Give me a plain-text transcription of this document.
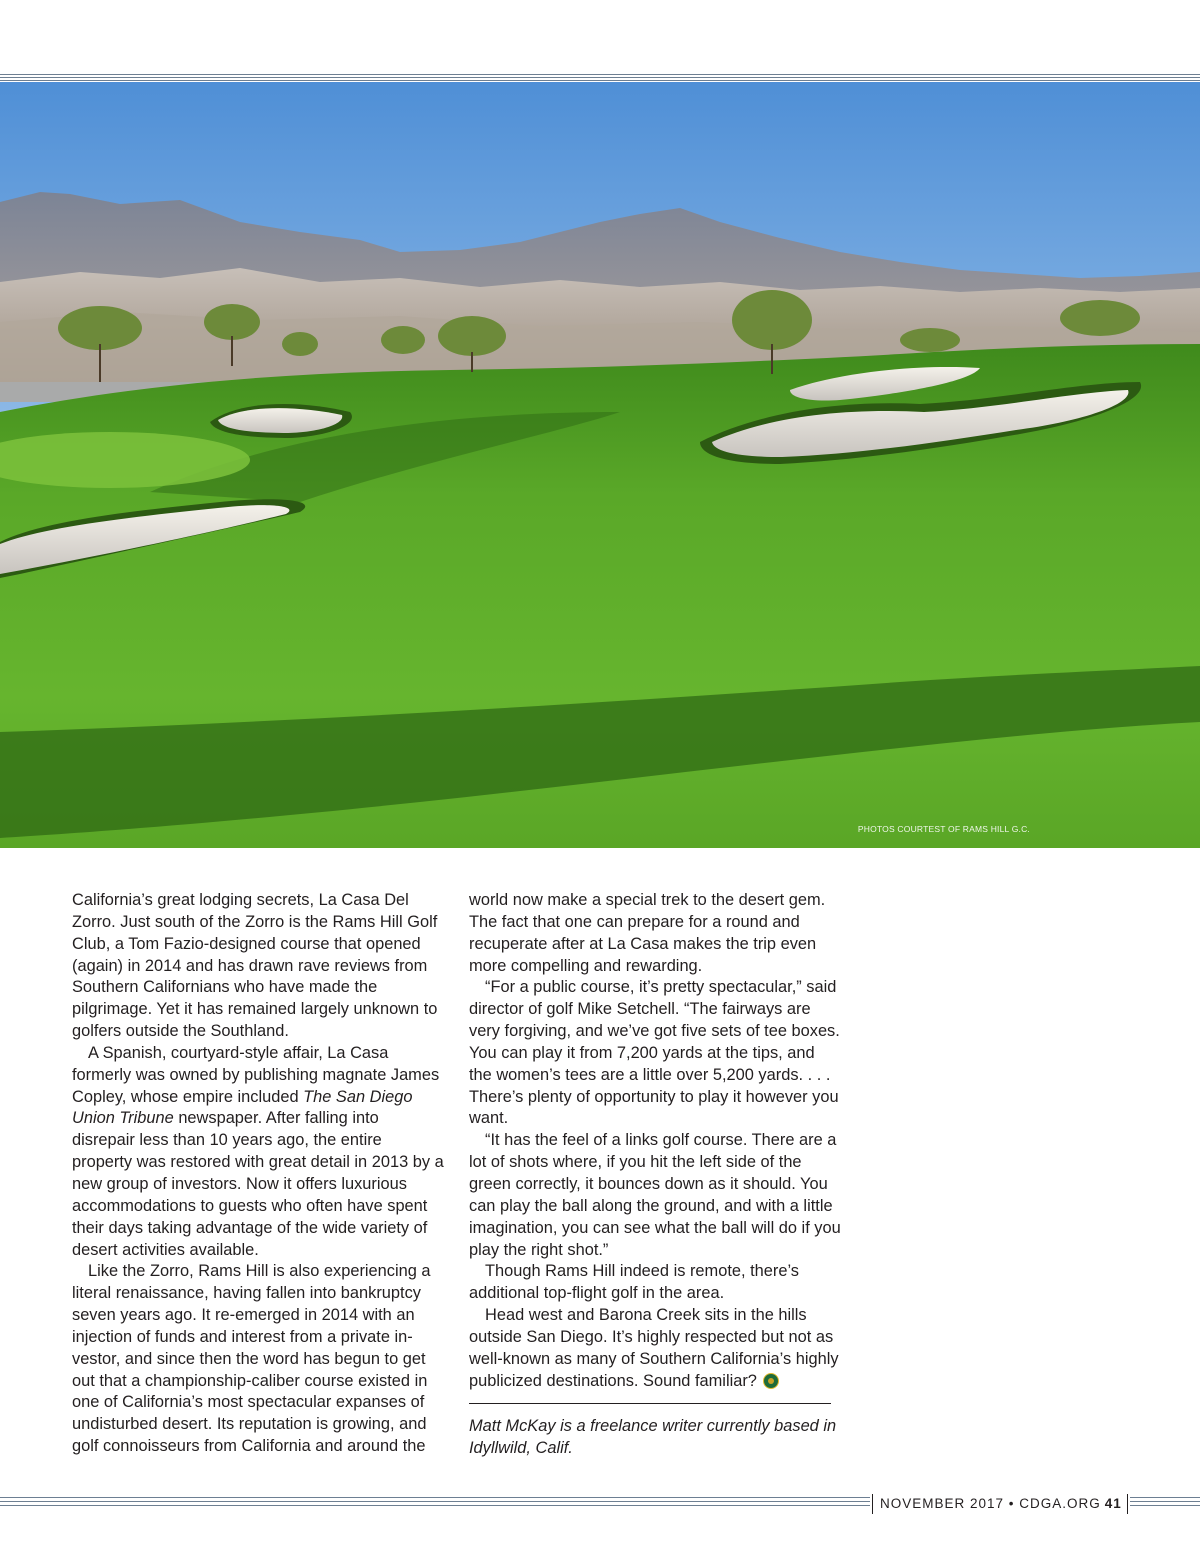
PHOTOS COURTEST OF RAMS HILL G.C.

California’s great lodging secrets, La Casa Del Zorro. Just south of the Zorro is the Rams Hill Golf Club, a Tom Fazio-designed course that opened (again) in 2014 and has drawn rave reviews from Southern Californians who have made the pilgrimage. Yet it has remained largely unknown to golfers outside the Southland.

A Spanish, courtyard-style affair, La Casa formerly was owned by publishing magnate James Copley, whose empire included The San Diego Union Tribune newspaper. After falling into disrepair less than 10 years ago, the entire property was restored with great detail in 2013 by a new group of investors. Now it offers luxurious accommodations to guests who often have spent their days taking advantage of the wide variety of desert activities available.

Like the Zorro, Rams Hill is also experiencing a literal renaissance, having fallen into bankruptcy seven years ago. It re-emerged in 2014 with an injection of funds and interest from a private in-vestor, and since then the word has begun to get out that a championship-caliber course existed in one of California’s most spectacular expanses of undisturbed desert. Its reputation is growing, and golf connoisseurs from California and around the

world now make a special trek to the desert gem. The fact that one can prepare for a round and recuperate after at La Casa makes the trip even more compelling and rewarding.

“For a public course, it’s pretty spectacular,” said director of golf Mike Setchell. “The fairways are very forgiving, and we’ve got five sets of tee boxes. You can play it from 7,200 yards at the tips, and the women’s tees are a little over 5,200 yards. . . . There’s plenty of opportunity to play it however you want.

“It has the feel of a links golf course. There are a lot of shots where, if you hit the left side of the green correctly, it bounces down as it should. You can play the ball along the ground, and with a little imagination, you can see what the ball will do if you play the right shot.”

Though Rams Hill indeed is remote, there’s additional top-flight golf in the area.

Head west and Barona Creek sits in the hills outside San Diego. It’s highly respected but not as well-known as many of Southern California’s highly publicized destinations. Sound familiar?

Matt McKay is a freelance writer currently based in Idyllwild, Calif.

NOVEMBER 2017 • CDGA.ORG 41
